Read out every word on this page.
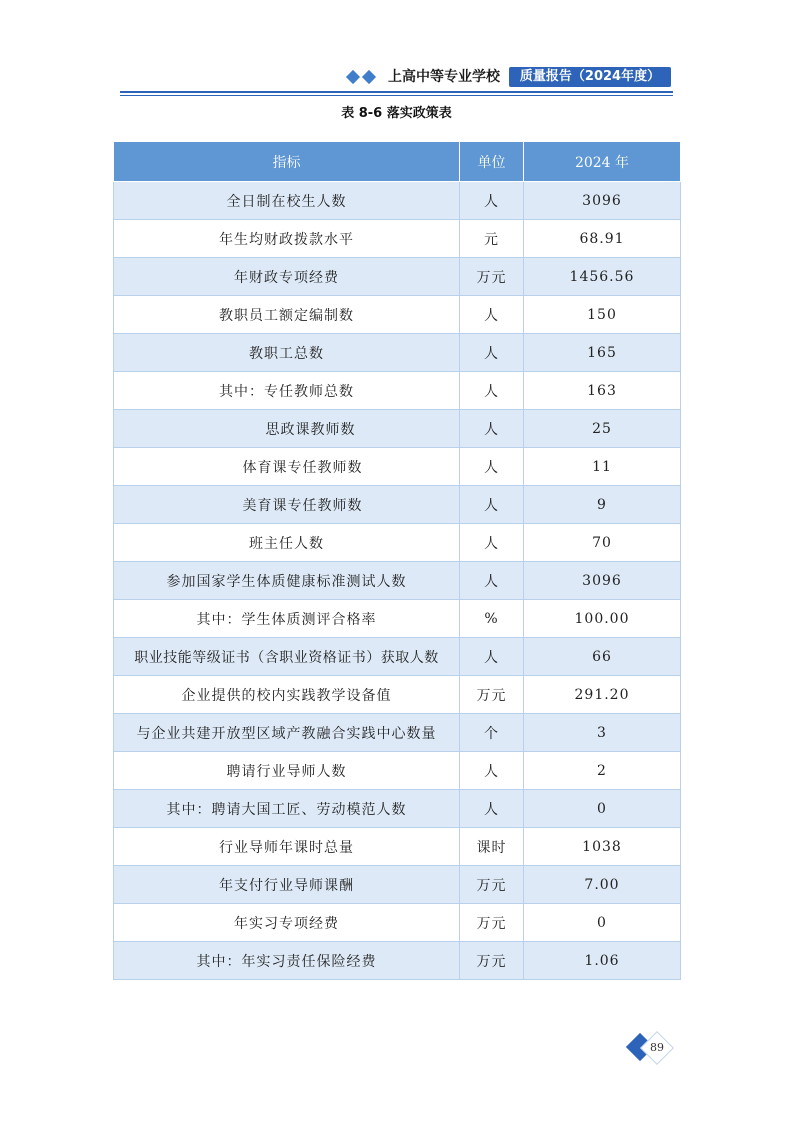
上高中等专业学校	质量报告（2024年度）
表 8-6 落实政策表
指标	单位	2024 年
全日制在校生人数	人	3096
年生均财政拨款水平	元	68.91
年财政专项经费	万元	1456.56
教职员工额定编制数	人	150
教职工总数	人	165
其中：专任教师总数	人	163
思政课教师数	人	25
体育课专任教师数	人	11
美育课专任教师数	人	9
班主任人数	人	70
参加国家学生体质健康标准测试人数	人	3096
其中：学生体质测评合格率	%	100.00
职业技能等级证书（含职业资格证书）获取人数	人	66
企业提供的校内实践教学设备值	万元	291.20
与企业共建开放型区域产教融合实践中心数量	个	3
聘请行业导师人数	人	2
其中：聘请大国工匠、劳动模范人数	人	0
行业导师年课时总量	课时	1038
年支付行业导师课酬	万元	7.00
年实习专项经费	万元	0
其中：年实习责任保险经费	万元	1.06
89
